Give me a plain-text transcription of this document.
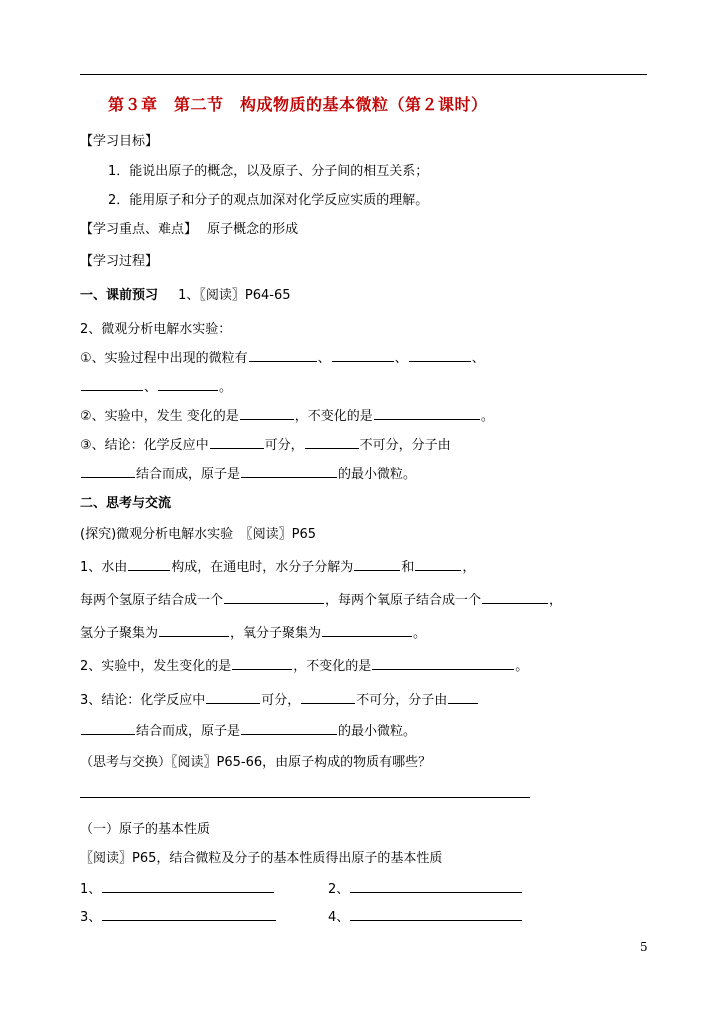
第３章　第二节　构成物质的基本微粒（第２课时）
【学习目标】
1．能说出原子的概念，以及原子、分子间的相互关系；
2．能用原子和分子的观点加深对化学反应实质的理解。
【学习重点、难点】 原子概念的形成
【学习过程】
一、课前预习 1、〖阅读〗P64-65
2、微观分析电解水实验：
①、实验过程中出现的微粒有	、	、	、
、	。
②、实验中，发生 变化的是	，不变化的是	。
③、结论：化学反应中	可分，	不可分，分子由
结合而成，原子是	的最小微粒。
二、思考与交流
(探究)微观分析电解水实验　〖阅读〗P65
1、水由	构成，在通电时，水分子分解为	和	，
每两个氢原子结合成一个	，每两个氧原子结合成一个	，
氢分子聚集为	，氧分子聚集为	。
2、实验中，发生变化的是	，不变化的是	。
3、结论：化学反应中	可分，	不可分，分子由
结合而成，原子是	的最小微粒。
（思考与交换）〖阅读〗P65-66，由原子构成的物质有哪些？
（一）原子的基本性质
〖阅读〗P65，结合微粒及分子的基本性质得出原子的基本性质
1、	2、
3、	4、
5
